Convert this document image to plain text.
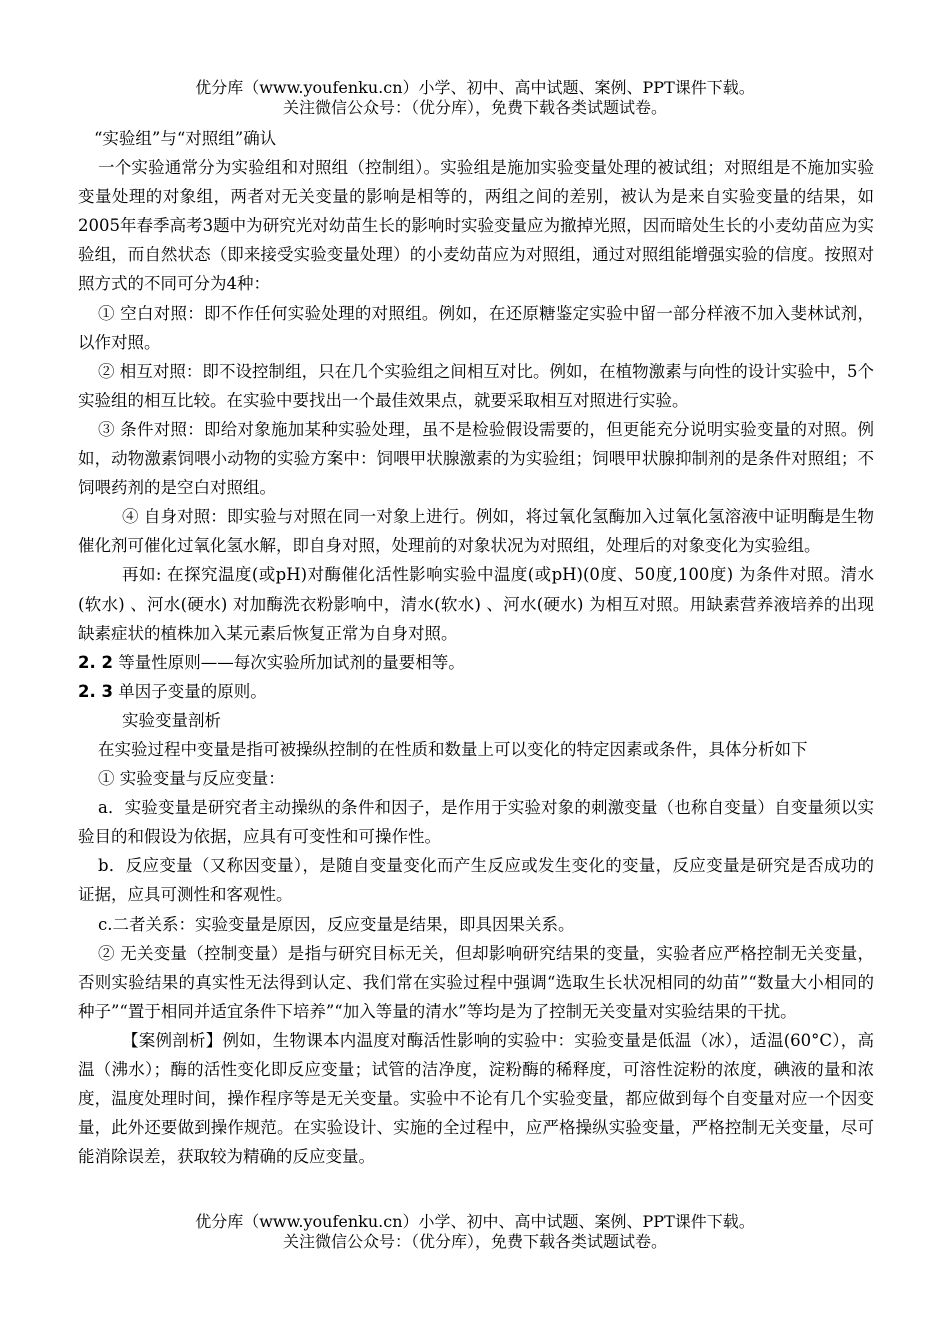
优分库（www.youfenku.cn）小学、初中、高中试题、案例、PPT课件下载。
关注微信公众号：（优分库），免费下载各类试题试卷。

“实验组”与“对照组”确认

一个实验通常分为实验组和对照组（控制组）。实验组是施加实验变量处理的被试组；对照组是不施加实验变量处理的对象组，两者对无关变量的影响是相等的，两组之间的差别，被认为是来自实验变量的结果，如2005年春季高考3题中为研究光对幼苗生长的影响时实验变量应为撤掉光照，因而暗处生长的小麦幼苗应为实验组，而自然状态（即来接受实验变量处理）的小麦幼苗应为对照组，通过对照组能增强实验的信度。按照对照方式的不同可分为4种：

① 空白对照：即不作任何实验处理的对照组。例如，在还原糖鉴定实验中留一部分样液不加入斐林试剂，以作对照。

② 相互对照：即不设控制组，只在几个实验组之间相互对比。例如，在植物激素与向性的设计实验中，5个实验组的相互比较。在实验中要找出一个最佳效果点，就要采取相互对照进行实验。

③ 条件对照：即给对象施加某种实验处理，虽不是检验假设需要的，但更能充分说明实验变量的对照。例如，动物激素饲喂小动物的实验方案中：饲喂甲状腺激素的为实验组；饲喂甲状腺抑制剂的是条件对照组；不饲喂药剂的是空白对照组。

④ 自身对照：即实验与对照在同一对象上进行。例如，将过氧化氢酶加入过氧化氢溶液中证明酶是生物催化剂可催化过氧化氢水解，即自身对照，处理前的对象状况为对照组，处理后的对象变化为实验组。

再如: 在探究温度(或pH)对酶催化活性影响实验中温度(或pH)(0度、50度,100度) 为条件对照。清水(软水) 、河水(硬水) 对加酶洗衣粉影响中，清水(软水) 、河水(硬水) 为相互对照。用缺素营养液培养的出现缺素症状的植株加入某元素后恢复正常为自身对照。

2. 2 等量性原则——每次实验所加试剂的量要相等。

2. 3 单因子变量的原则。

实验变量剖析

在实验过程中变量是指可被操纵控制的在性质和数量上可以变化的特定因素或条件，具体分析如下

① 实验变量与反应变量：

a．实验变量是研究者主动操纵的条件和因子，是作用于实验对象的刺激变量（也称自变量）自变量须以实验目的和假设为依据，应具有可变性和可操作性。

b．反应变量（又称因变量），是随自变量变化而产生反应或发生变化的变量，反应变量是研究是否成功的证据，应具可测性和客观性。

c.二者关系：实验变量是原因，反应变量是结果，即具因果关系。

② 无关变量（控制变量）是指与研究目标无关，但却影响研究结果的变量，实验者应严格控制无关变量，否则实验结果的真实性无法得到认定、我们常在实验过程中强调“选取生长状况相同的幼苗”“数量大小相同的种子”“置于相同并适宜条件下培养”“加入等量的清水”等均是为了控制无关变量对实验结果的干扰。

【案例剖析】例如，生物课本内温度对酶活性影响的实验中：实验变量是低温（冰），适温(60°C），高温（沸水）；酶的活性变化即反应变量；试管的洁净度，淀粉酶的稀释度，可溶性淀粉的浓度，碘液的量和浓度，温度处理时间，操作程序等是无关变量。实验中不论有几个实验变量，都应做到每个自变量对应一个因变量，此外还要做到操作规范。在实验设计、实施的全过程中，应严格操纵实验变量，严格控制无关变量，尽可能消除误差，获取较为精确的反应变量。

优分库（www.youfenku.cn）小学、初中、高中试题、案例、PPT课件下载。
关注微信公众号：（优分库），免费下载各类试题试卷。
